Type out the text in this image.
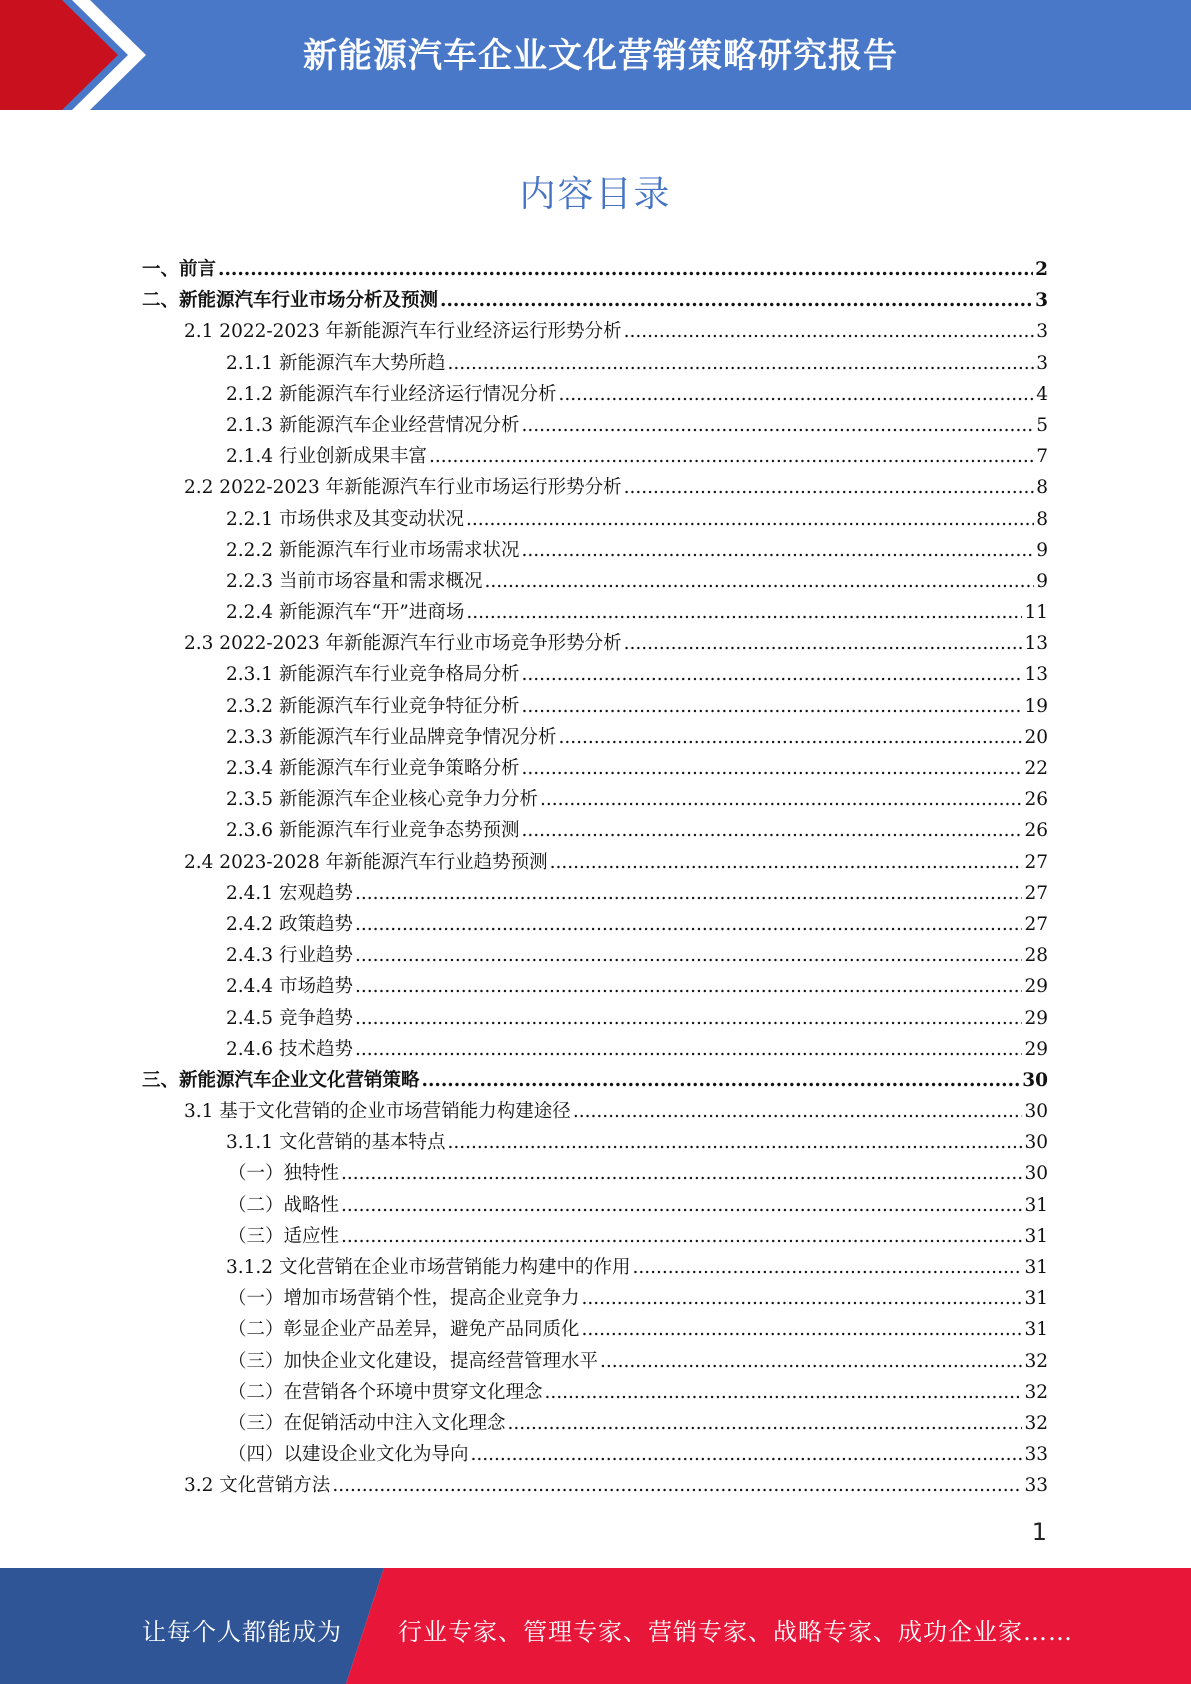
新能源汽车企业文化营销策略研究报告
内容目录
一、前言 .....	2
二、新能源汽车行业市场分析及预测 .....	3
2.1 2022-2023 年新能源汽车行业经济运行形势分析 .....	3
2.1.1 新能源汽车大势所趋 .....	3
2.1.2 新能源汽车行业经济运行情况分析 .....	4
2.1.3 新能源汽车企业经营情况分析 .....	5
2.1.4 行业创新成果丰富 .....	7
2.2 2022-2023 年新能源汽车行业市场运行形势分析 .....	8
2.2.1 市场供求及其变动状况 .....	8
2.2.2 新能源汽车行业市场需求状况 .....	9
2.2.3 当前市场容量和需求概况 .....	9
2.2.4 新能源汽车“开”进商场 .....	11
2.3 2022-2023 年新能源汽车行业市场竞争形势分析 .....	13
2.3.1 新能源汽车行业竞争格局分析 .....	13
2.3.2 新能源汽车行业竞争特征分析 .....	19
2.3.3 新能源汽车行业品牌竞争情况分析 .....	20
2.3.4 新能源汽车行业竞争策略分析 .....	22
2.3.5 新能源汽车企业核心竞争力分析 .....	26
2.3.6 新能源汽车行业竞争态势预测 .....	26
2.4 2023-2028 年新能源汽车行业趋势预测 .....	27
2.4.1 宏观趋势 .....	27
2.4.2 政策趋势 .....	27
2.4.3 行业趋势 .....	28
2.4.4 市场趋势 .....	29
2.4.5 竞争趋势 .....	29
2.4.6 技术趋势 .....	29
三、新能源汽车企业文化营销策略 .....	30
3.1 基于文化营销的企业市场营销能力构建途径 .....	30
3.1.1 文化营销的基本特点 .....	30
（一）独特性 .....	30
（二）战略性 .....	31
（三）适应性 .....	31
3.1.2 文化营销在企业市场营销能力构建中的作用 .....	31
（一）增加市场营销个性，提高企业竞争力 .....	31
（二）彰显企业产品差异，避免产品同质化 .....	31
（三）加快企业文化建设，提高经营管理水平 .....	32
（二）在营销各个环境中贯穿文化理念 .....	32
（三）在促销活动中注入文化理念 .....	32
（四）以建设企业文化为导向 .....	33
3.2 文化营销方法 .....	33
1
让每个人都能成为 行业专家、管理专家、营销专家、战略专家、成功企业家……
